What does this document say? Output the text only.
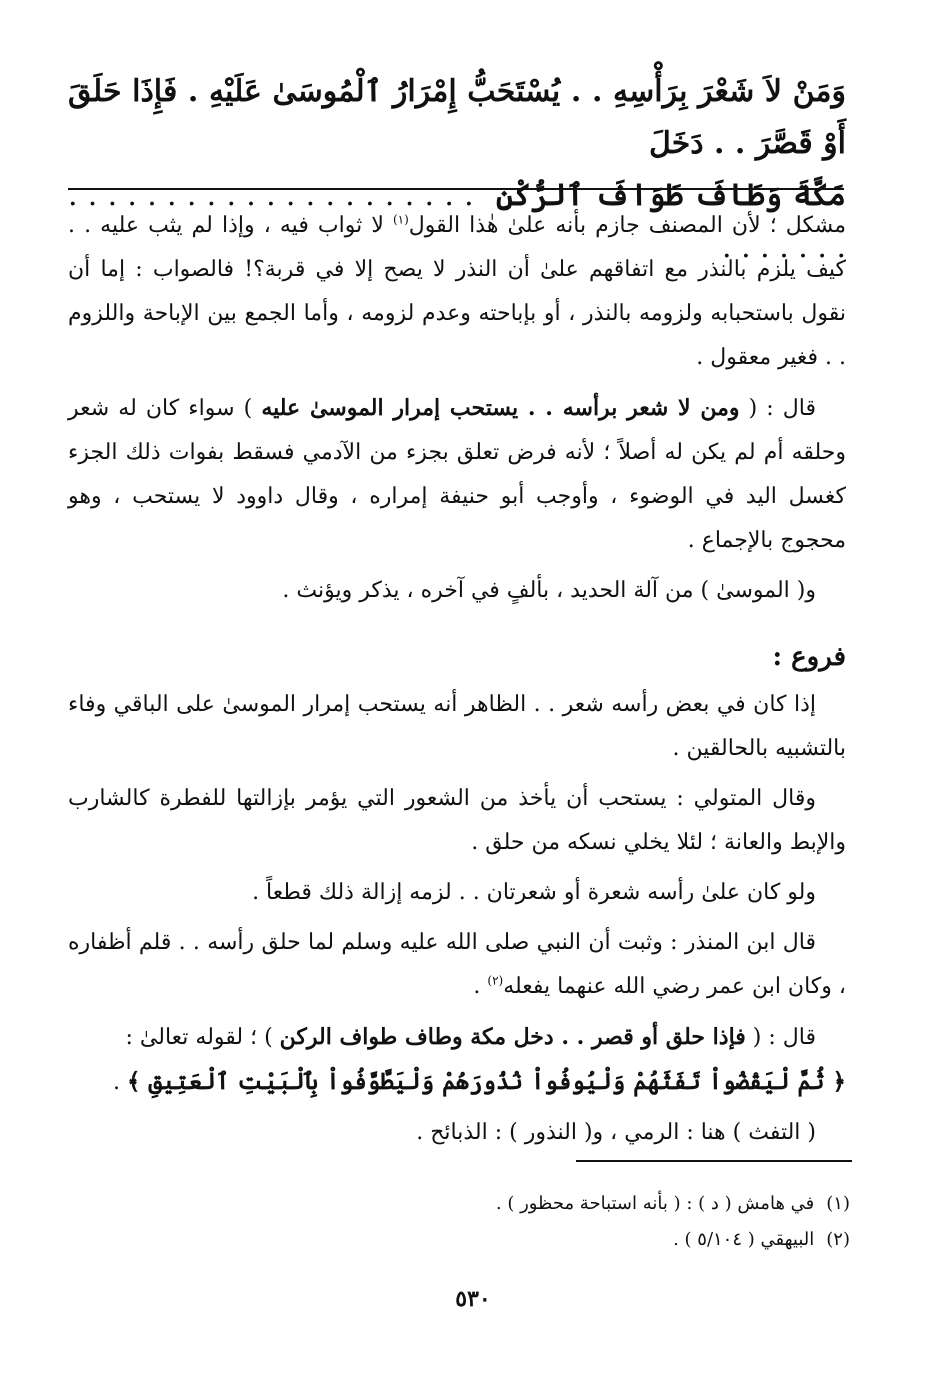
وَمَنْ لاَ شَعْرَ بِرَأْسِهِ . . يُسْتَحَبُّ إِمْرَارُ ٱلْمُوسَىٰ عَلَيْهِ . فَإِذَا حَلَقَ أَوْ قَصَّرَ . . دَخَلَ

مَكَّةَ وَطَافَ طَوَافَ ٱلرُّكْنِ  . . . . . . . . . . . . . . . . . . . . . . . . . . . .

مشكل ؛ لأن المصنف جازم بأنه علىٰ هٰذا القول$^{(١)}$ لا ثواب فيه ، وإذا لم يثب عليه . . كيف يلزم بالنذر مع اتفاقهم علىٰ أن النذر لا يصح إلا في قربة؟! فالصواب : إما أن نقول باستحبابه ولزومه بالنذر ، أو بإباحته وعدم لزومه ، وأما الجمع بين الإباحة واللزوم . . فغير معقول .

قال : ( ومن لا شعر برأسه . . يستحب إمرار الموسىٰ عليه ) سواء كان له شعر وحلقه أم لم يكن له أصلاً ؛ لأنه فرض تعلق بجزء من الآدمي فسقط بفوات ذلك الجزء كغسل اليد في الوضوء ، وأوجب أبو حنيفة إمراره ، وقال داوود لا يستحب ، وهو محجوج بالإجماع .

و( الموسىٰ ) من آلة الحديد ، بألفٍ في آخره ، يذكر ويؤنث .

فروع :

إذا كان في بعض رأسه شعر . . الظاهر أنه يستحب إمرار الموسىٰ على الباقي وفاء بالتشبيه بالحالقين .

وقال المتولي : يستحب أن يأخذ من الشعور التي يؤمر بإزالتها للفطرة كالشارب والإبط والعانة ؛ لئلا يخلي نسكه من حلق .

ولو كان علىٰ رأسه شعرة أو شعرتان . . لزمه إزالة ذلك قطعاً .

قال ابن المنذر : وثبت أن النبي صلى الله عليه وسلم لما حلق رأسه . . قلم أظفاره ، وكان ابن عمر رضي الله عنهما يفعله$^{(٢)}$ .

قال : ( فإذا حلق أو قصر . . دخل مكة وطاف طواف الركن ) ؛ لقوله تعالىٰ :
﴿ ثُمَّ لْيَقْضُواْ تَفَثَهُمْ وَلْيُوفُواْ نُذُورَهُمْ وَلْيَطَّوَّفُواْ بِٱلْبَيْتِ ٱلْعَتِيقِ ﴾ .

( التفث ) هنا : الرمي ، و( النذور ) : الذبائح .

(١) في هامش ( د ) : ( بأنه استباحة محظور ) .

(٢) البيهقي ( ٥/١٠٤ ) .

٥٣٠
